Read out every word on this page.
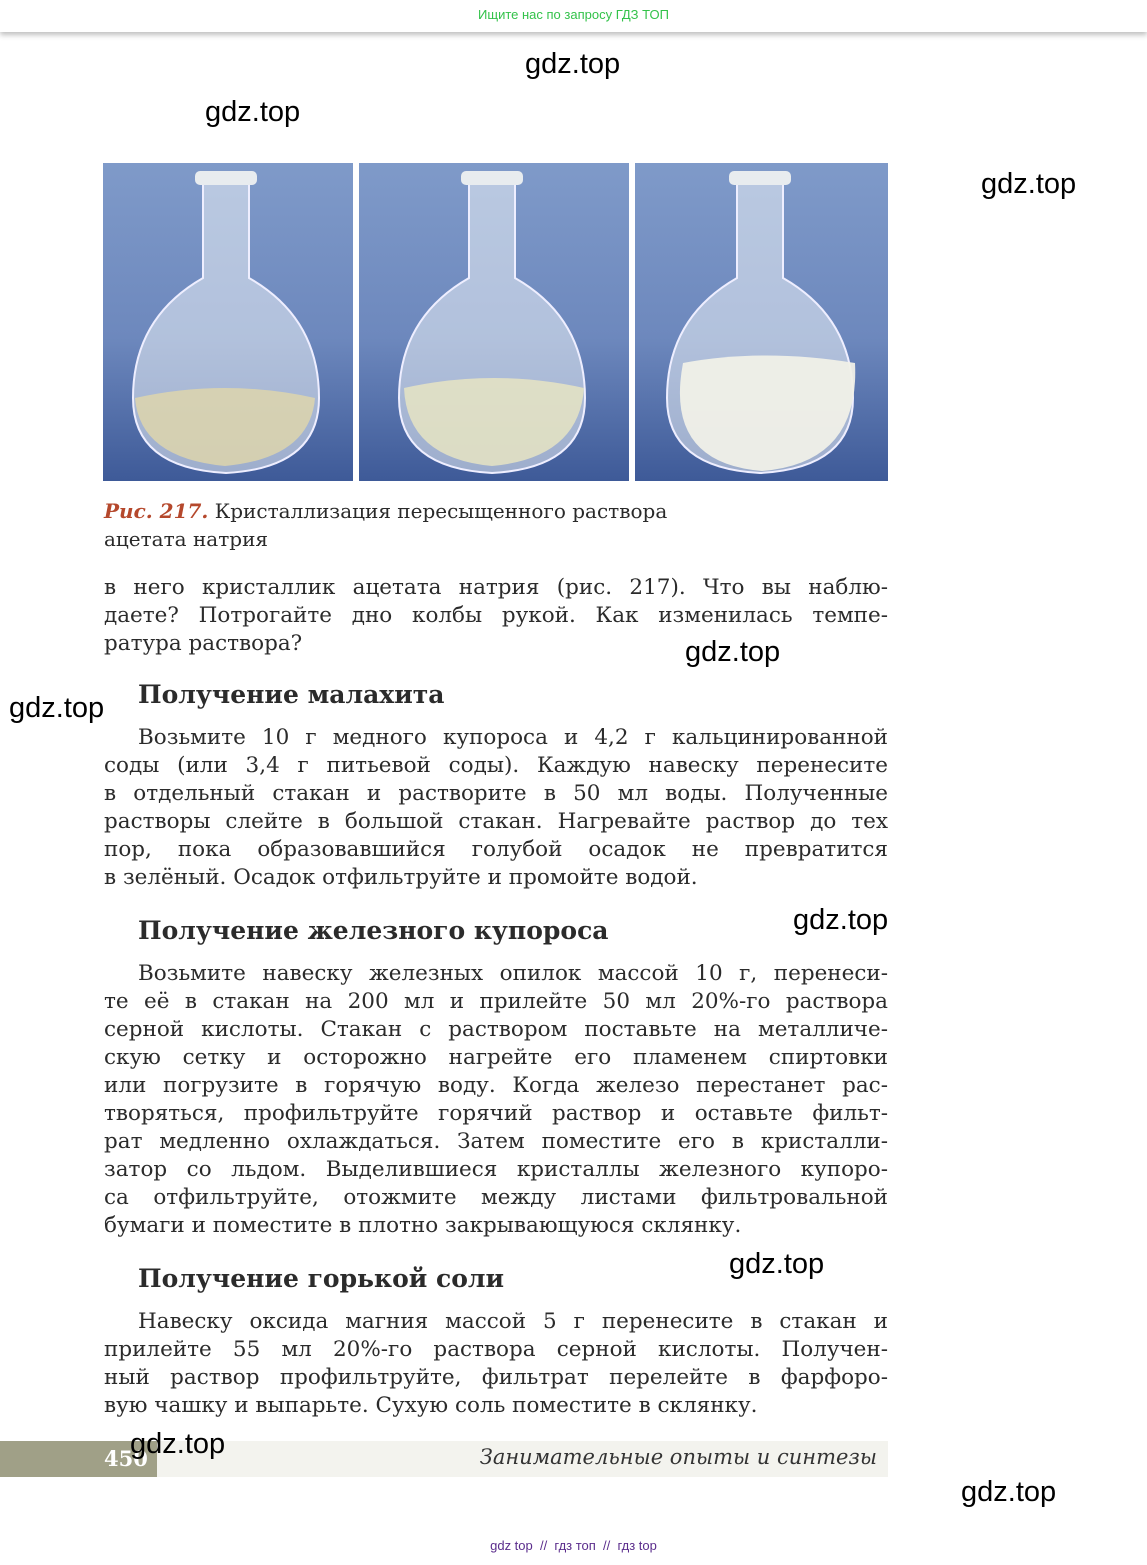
Ищите нас по запросу ГДЗ ТОП
Рис. 217. Кристаллизация пересыщенного раствора
ацетата натрия
в него кристаллик ацетата натрия (рис. 217). Что вы наблю-
даете? Потрогайте дно колбы рукой. Как изменилась темпе-
ратура раствора?
Получение малахита
Возьмите 10 г медного купороса и 4,2 г кальцинированной
соды (или 3,4 г питьевой соды). Каждую навеску перенесите
в отдельный стакан и растворите в 50 мл воды. Полученные
растворы слейте в большой стакан. Нагревайте раствор до тех
пор, пока образовавшийся голубой осадок не превратится
в зелёный. Осадок отфильтруйте и промойте водой.
Получение железного купороса
Возьмите навеску железных опилок массой 10 г, перенеси-
те её в стакан на 200 мл и прилейте 50 мл 20%-го раствора
серной кислоты. Стакан с раствором поставьте на металличе-
скую сетку и осторожно нагрейте его пламенем спиртовки
или погрузите в горячую воду. Когда железо перестанет рас-
творяться, профильтруйте горячий раствор и оставьте фильт-
рат медленно охлаждаться. Затем поместите его в кристалли-
затор со льдом. Выделившиеся кристаллы железного купоро-
са отфильтруйте, отожмите между листами фильтровальной
бумаги и поместите в плотно закрывающуюся склянку.
Получение горькой соли
Навеску оксида магния массой 5 г перенесите в стакан и
прилейте 55 мл 20%-го раствора серной кислоты. Получен-
ный раствор профильтруйте, фильтрат перелейте в фарфоро-
вую чашку и выпарьте. Сухую соль поместите в склянку.
450	Занимательные опыты и синтезы
gdz.top
gdz.top
gdz.top
gdz.top
gdz.top
gdz.top
gdz.top
gdz.top
gdz.top
gdz top  //  гдз топ  //  гдз top
